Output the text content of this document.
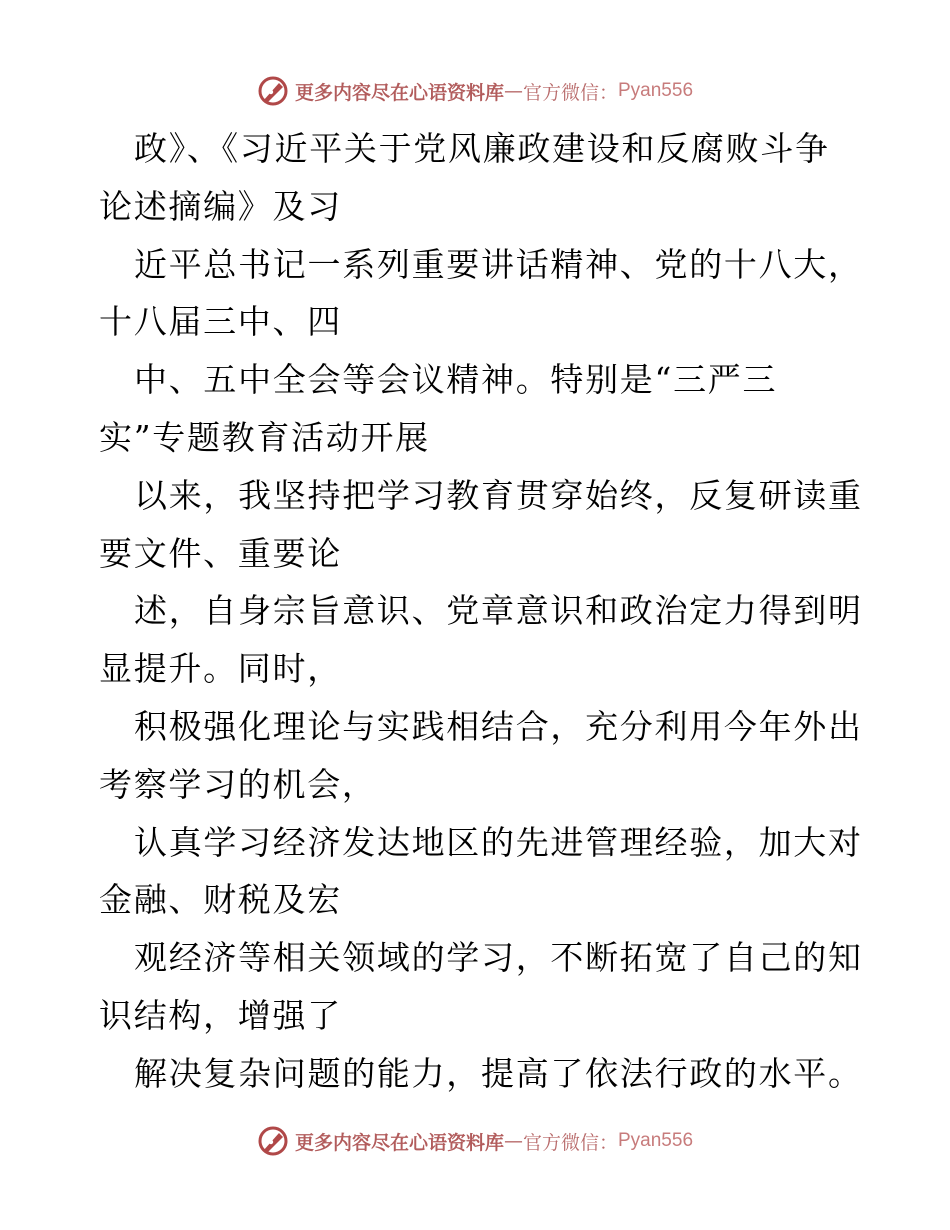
更多内容尽在心语资料库 — 官方微信： Pyan556
政》、《习近平关于党风廉政建设和反腐败斗争
论述摘编》及习
近平总书记一系列重要讲话精神、党的十八大，
十八届三中、四
中、五中全会等会议精神。特别是“三严三
实”专题教育活动开展
以来，我坚持把学习教育贯穿始终，反复研读重
要文件、重要论
述，自身宗旨意识、党章意识和政治定力得到明
显提升。同时，
积极强化理论与实践相结合，充分利用今年外出
考察学习的机会，
认真学习经济发达地区的先进管理经验，加大对
金融、财税及宏
观经济等相关领域的学习，不断拓宽了自己的知
识结构，增强了
解决复杂问题的能力，提高了依法行政的水平。
更多内容尽在心语资料库 — 官方微信： Pyan556
